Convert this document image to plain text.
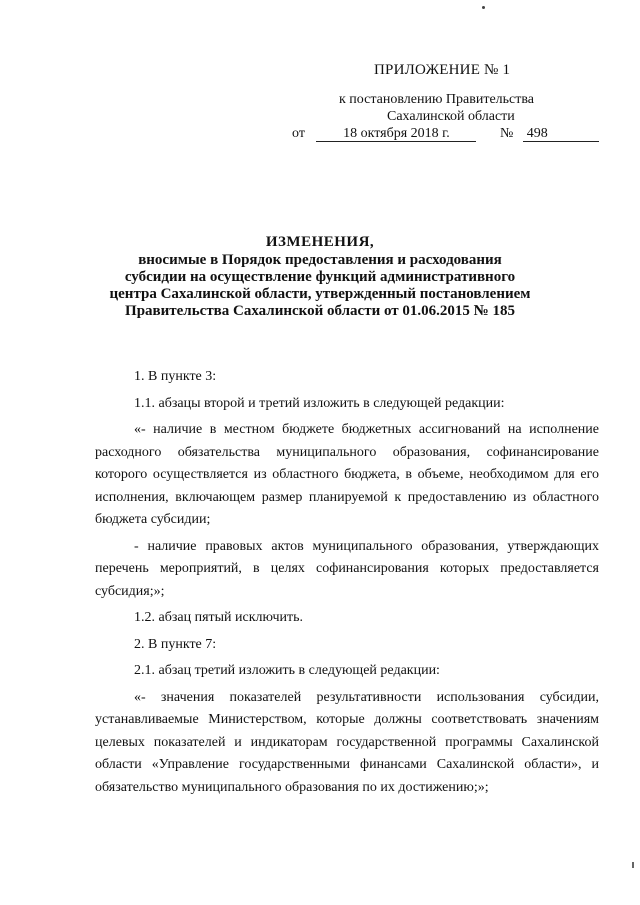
ПРИЛОЖЕНИЕ № 1
к постановлению Правительства
Сахалинской области
от	18 октября 2018 г.	№ 498
ИЗМЕНЕНИЯ,
вносимые в Порядок предоставления и расходования
субсидии на осуществление функций административного
центра Сахалинской области, утвержденный постановлением
Правительства Сахалинской области от 01.06.2015 № 185

1. В пункте 3:

1.1. абзацы второй и третий изложить в следующей редакции:

«- наличие в местном бюджете бюджетных ассигнований на исполнение расходного обязательства муниципального образования, софинансирование которого осуществляется из областного бюджета, в объеме, необходимом для его исполнения, включающем размер планируемой к предоставлению из областного бюджета субсидии;

- наличие правовых актов муниципального образования, утверждающих перечень мероприятий, в целях софинансирования которых предоставляется субсидия;»;

1.2. абзац пятый исключить.

2. В пункте 7:

2.1. абзац третий изложить в следующей редакции:

«- значения показателей результативности использования субсидии, устанавливаемые Министерством, которые должны соответствовать значениям целевых показателей и индикаторам государственной программы Сахалинской области «Управление государственными финансами Сахалинской области», и обязательство муниципального образования по их достижению;»;
